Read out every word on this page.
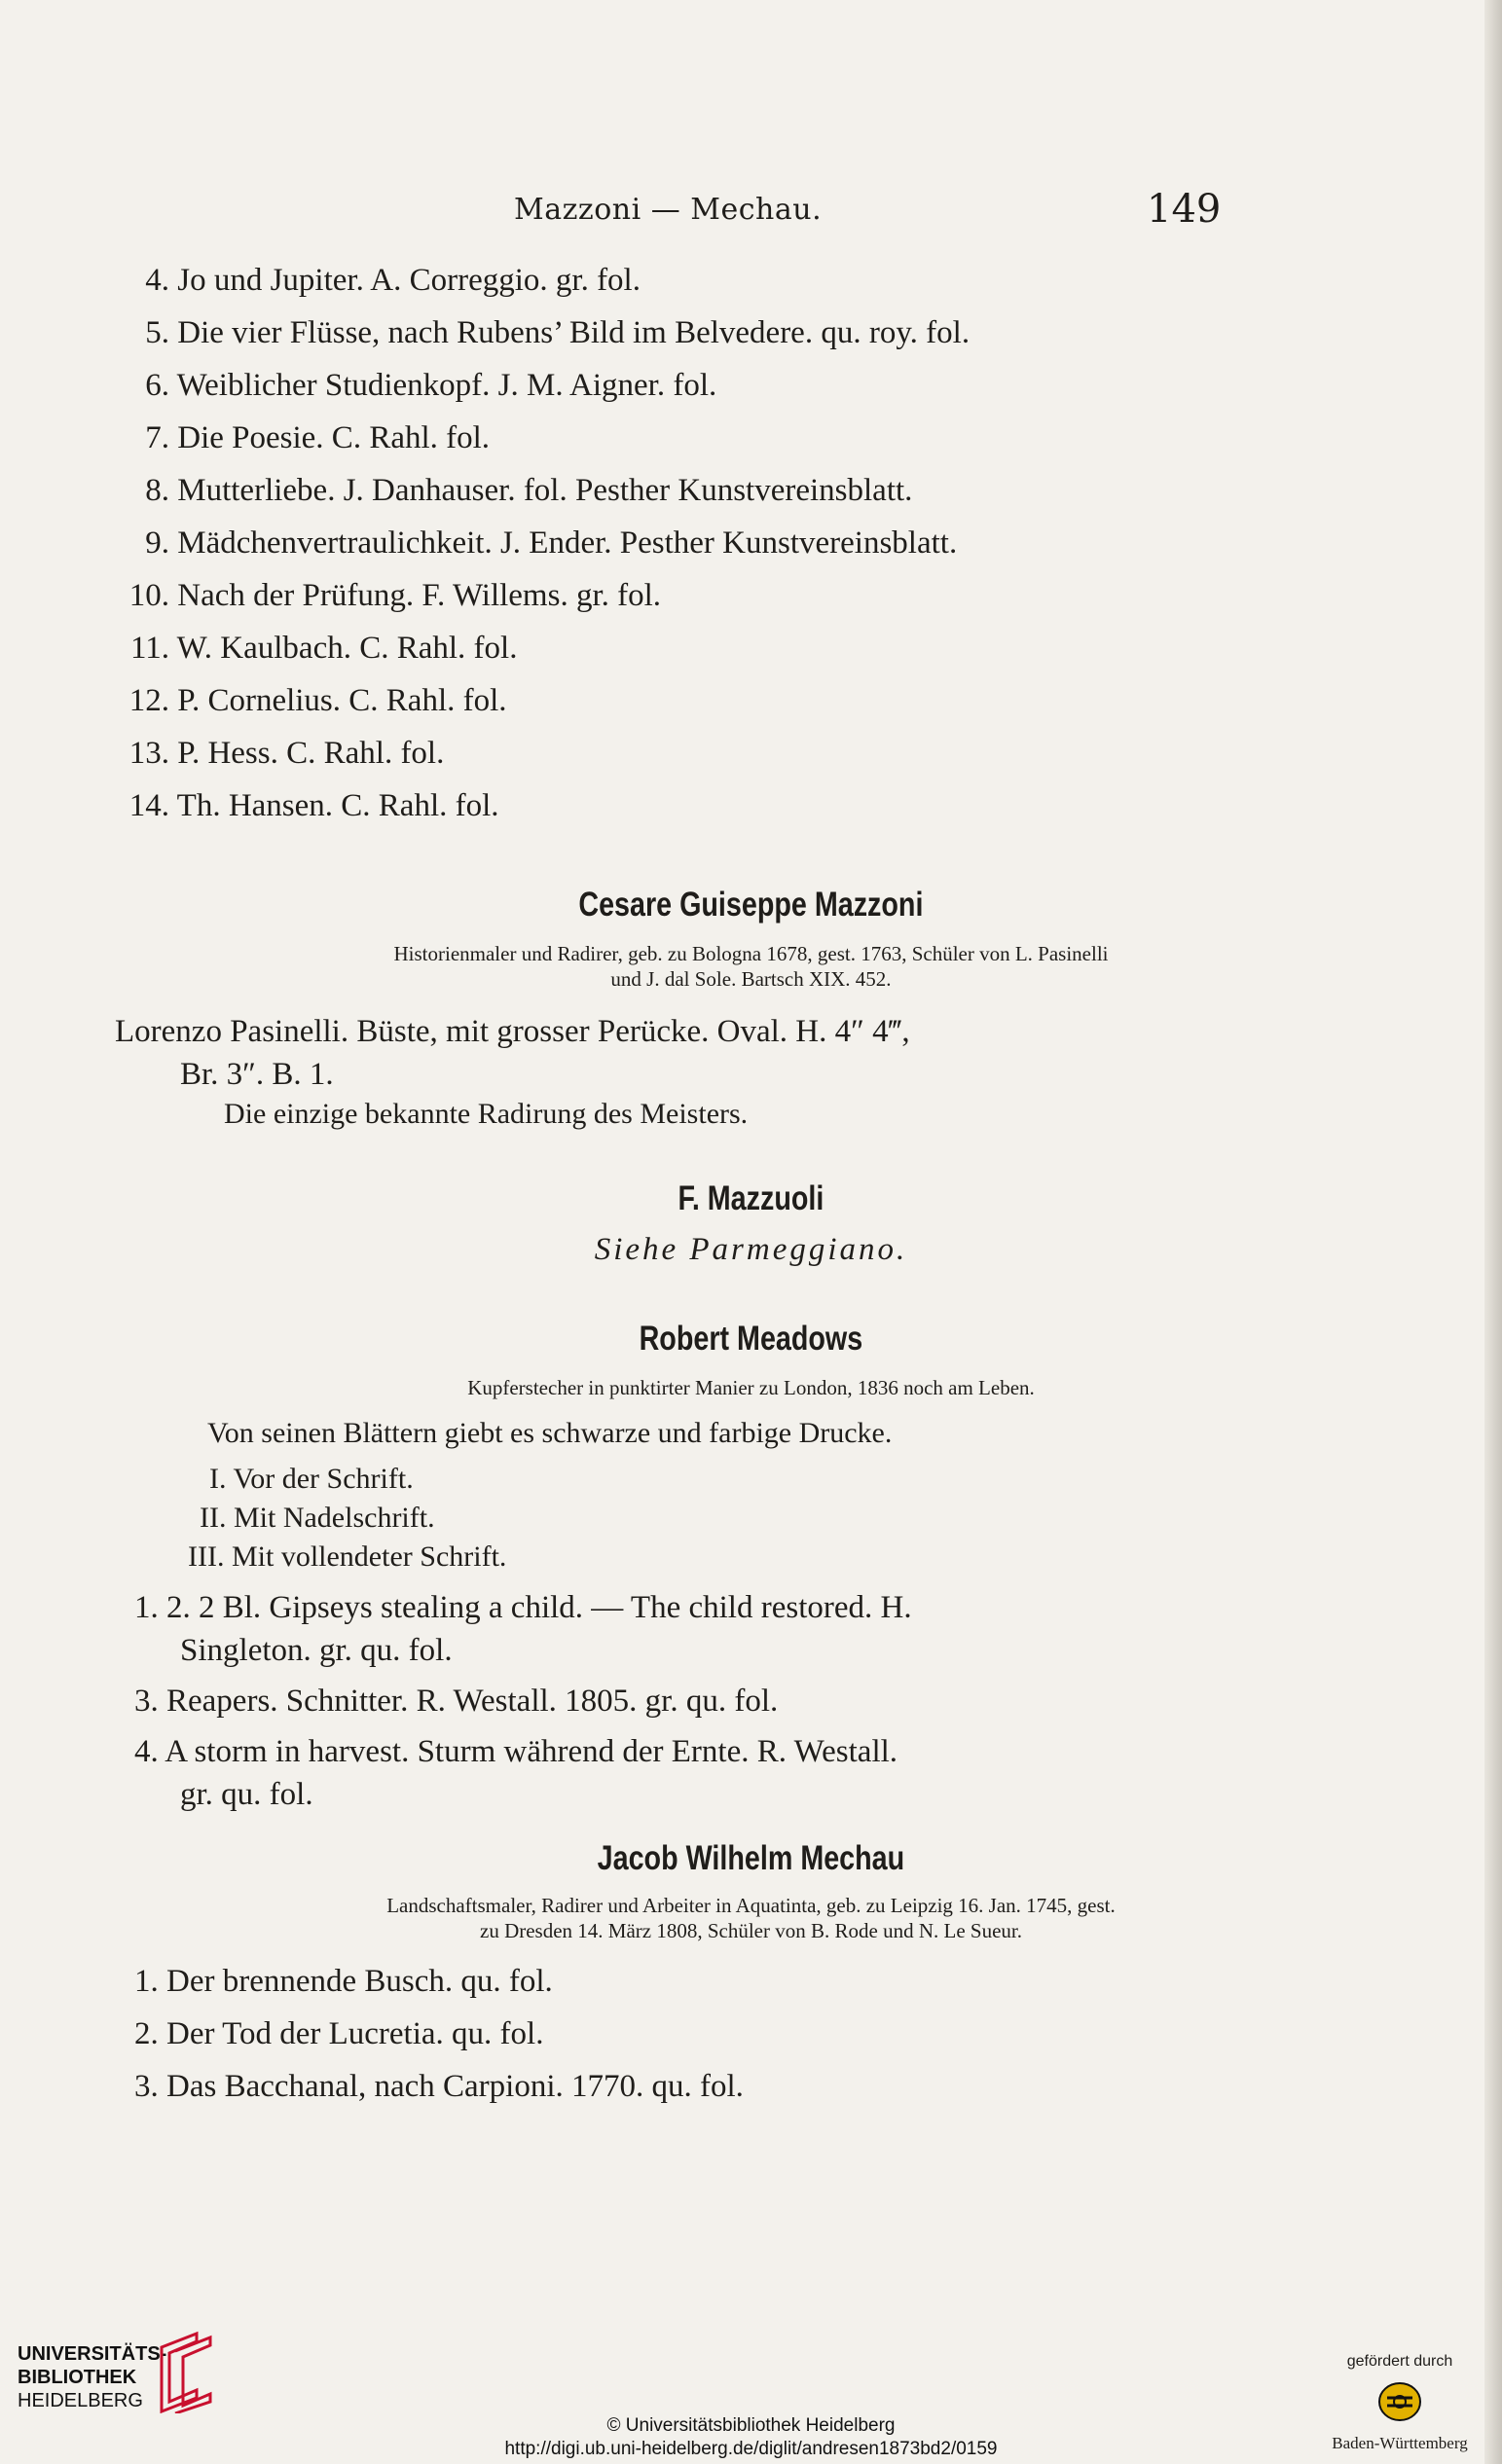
Mazzoni — Mechau.	149
4. Jo und Jupiter. A. Correggio. gr. fol.
5. Die vier Flüsse, nach Rubens’ Bild im Belvedere. qu. roy. fol.
6. Weiblicher Studienkopf. J. M. Aigner. fol.
7. Die Poesie. C. Rahl. fol.
8. Mutterliebe. J. Danhauser. fol. Pesther Kunstvereinsblatt.
9. Mädchenvertraulichkeit. J. Ender. Pesther Kunstvereinsblatt.
10. Nach der Prüfung. F. Willems. gr. fol.
11. W. Kaulbach. C. Rahl. fol.
12. P. Cornelius. C. Rahl. fol.
13. P. Hess. C. Rahl. fol.
14. Th. Hansen. C. Rahl. fol.
Cesare Guiseppe Mazzoni
Historienmaler und Radirer, geb. zu Bologna 1678, gest. 1763, Schüler von L. Pasinelli
und J. dal Sole. Bartsch XIX. 452.
Lorenzo Pasinelli. Büste, mit grosser Perücke. Oval. H. 4″ 4‴,
Br. 3″. B. 1.
Die einzige bekannte Radirung des Meisters.
F. Mazzuoli
Siehe Parmeggiano.
Robert Meadows
Kupferstecher in punktirter Manier zu London, 1836 noch am Leben.
Von seinen Blättern giebt es schwarze und farbige Drucke.
I. Vor der Schrift.
II. Mit Nadelschrift.
III. Mit vollendeter Schrift.
1. 2. 2 Bl. Gipseys stealing a child. — The child restored. H.
Singleton. gr. qu. fol.
3. Reapers. Schnitter. R. Westall. 1805. gr. qu. fol.
4. A storm in harvest. Sturm während der Ernte. R. Westall.
gr. qu. fol.
Jacob Wilhelm Mechau
Landschaftsmaler, Radirer und Arbeiter in Aquatinta, geb. zu Leipzig 16. Jan. 1745, gest.
zu Dresden 14. März 1808, Schüler von B. Rode und N. Le Sueur.
1. Der brennende Busch. qu. fol.
2. Der Tod der Lucretia. qu. fol.
3. Das Bacchanal, nach Carpioni. 1770. qu. fol.
UNIVERSITÄTS-
BIBLIOTHEK
HEIDELBERG
© Universitätsbibliothek Heidelberg
http://digi.ub.uni-heidelberg.de/diglit/andresen1873bd2/0159
gefördert durch
Baden-Württemberg
